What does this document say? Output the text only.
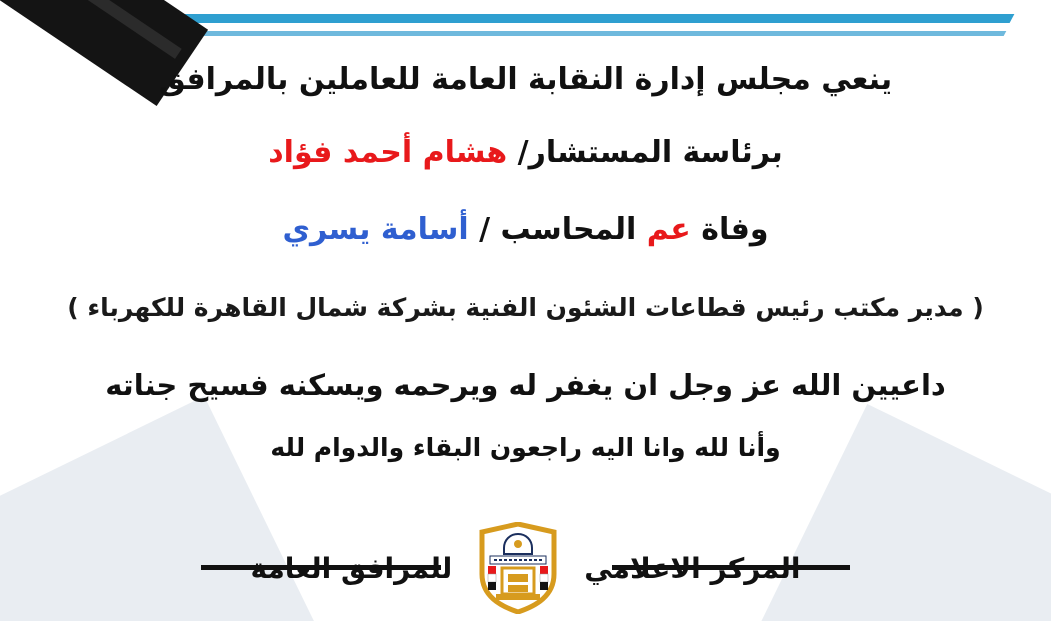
ينعي مجلس إدارة النقابة العامة للعاملين بالمرافق
برئاسة المستشار/ هشام أحمد فؤاد
وفاة عم المحاسب / أسامة يسري
( مدير مكتب رئيس قطاعات الشئون الفنية بشركة شمال القاهرة للكهرباء )
داعيين الله عز وجل ان يغفر له ويرحمه ويسكنه فسيح جناته
وأنا لله وانا اليه راجعون البقاء والدوام لله
المركز الاعلامي
للمرافق العامة
